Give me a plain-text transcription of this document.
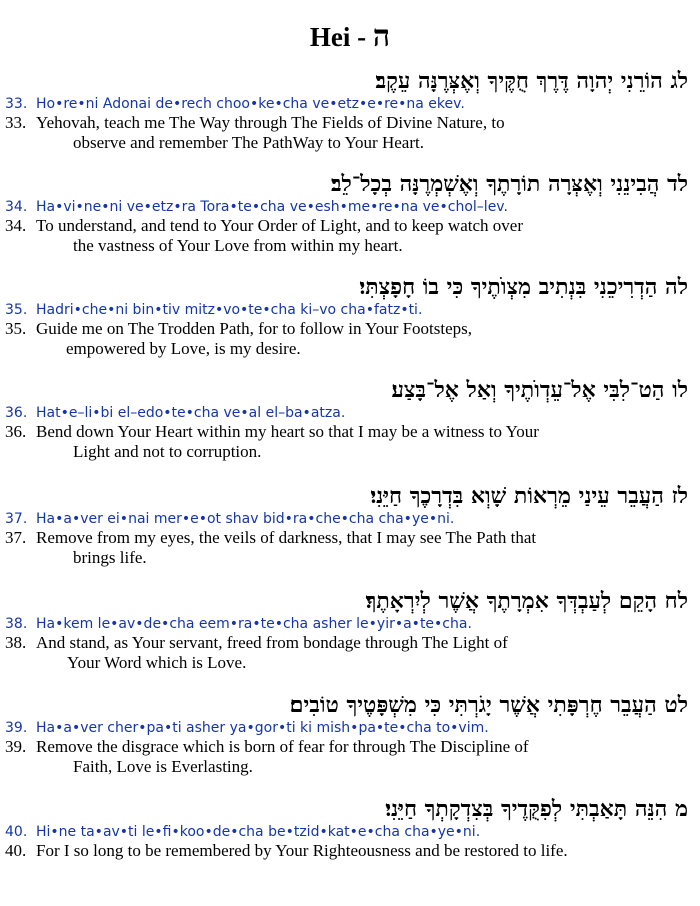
Hei - ה
לג הוֹרֵנִי יְהוָה דֶּרֶךְ חֻקֶּיךָ וְאֶצְּרֶנָּה עֵקֶב׃
33. Ho•re•ni Adonai de•rech choo•ke•cha ve•etz•e•re•na ekev.
33. Yehovah, teach me The Way through The Fields of Divine Nature, to
observe and remember The PathWay to Your Heart.
לד הֲבִינֵנִי וְאֶצְּרָה תוֹרָתֶךָ וְאֶשְׁמְרֶנָּה בְכָל־לֵב׃
34. Ha•vi•ne•ni ve•etz•ra Tora•te•cha ve•esh•me•re•na ve•chol–lev.
34. To understand, and tend to Your Order of Light, and to keep watch over
the vastness of Your Love from within my heart.
לה הַדְרִיכֵנִי בִּנְתִיב מִצְוֺתֶיךָ כִּי בוֹ חָפָצְתִּי׃
35. Hadri•che•ni bin•tiv mitz•vo•te•cha ki–vo cha•fatz•ti.
35. Guide me on The Trodden Path, for to follow in Your Footsteps,
empowered by Love, is my desire.
לו הַט־לִבִּי אֶל־עֵדְוֺתֶיךָ וְאַל אֶל־בָּצַע׃
36. Hat•e–li•bi el–edo•te•cha ve•al el–ba•atza.
36. Bend down Your Heart within my heart so that I may be a witness to Your
Light and not to corruption.
לז הַעֲבֵר עֵינַי מֵרְאוֹת שָׁוְא בִּדְרָכֶךָ חַיֵּנִי׃
37. Ha•a•ver ei•nai mer•e•ot shav bid•ra•che•cha cha•ye•ni.
37. Remove from my eyes, the veils of darkness, that I may see The Path that
brings life.
לח הָקֵם לְעַבְדְּךָ אִמְרָתֶךָ אֲשֶׁר לְיִרְאָתֶךָ׃
38. Ha•kem le•av•de•cha eem•ra•te•cha asher le•yir•a•te•cha.
38. And stand, as Your servant, freed from bondage through The Light of
Your Word which is Love.
לט הַעֲבֵר חֶרְפָּתִי אֲשֶׁר יָגֹרְתִּי כִּי מִשְׁפָּטֶיךָ טוֹבִים׃
39. Ha•a•ver cher•pa•ti asher ya•gor•ti ki mish•pa•te•cha to•vim.
39. Remove the disgrace which is born of fear for through The Discipline of
Faith, Love is Everlasting.
מ הִנֵּה תָּאַבְתִּי לְפִקֻּדֶיךָ בְּצִדְקָתְךָ חַיֵּנִי׃
40. Hi•ne ta•av•ti le•fi•koo•de•cha be•tzid•kat•e•cha cha•ye•ni.
40. For I so long to be remembered by Your Righteousness and be restored to life.
